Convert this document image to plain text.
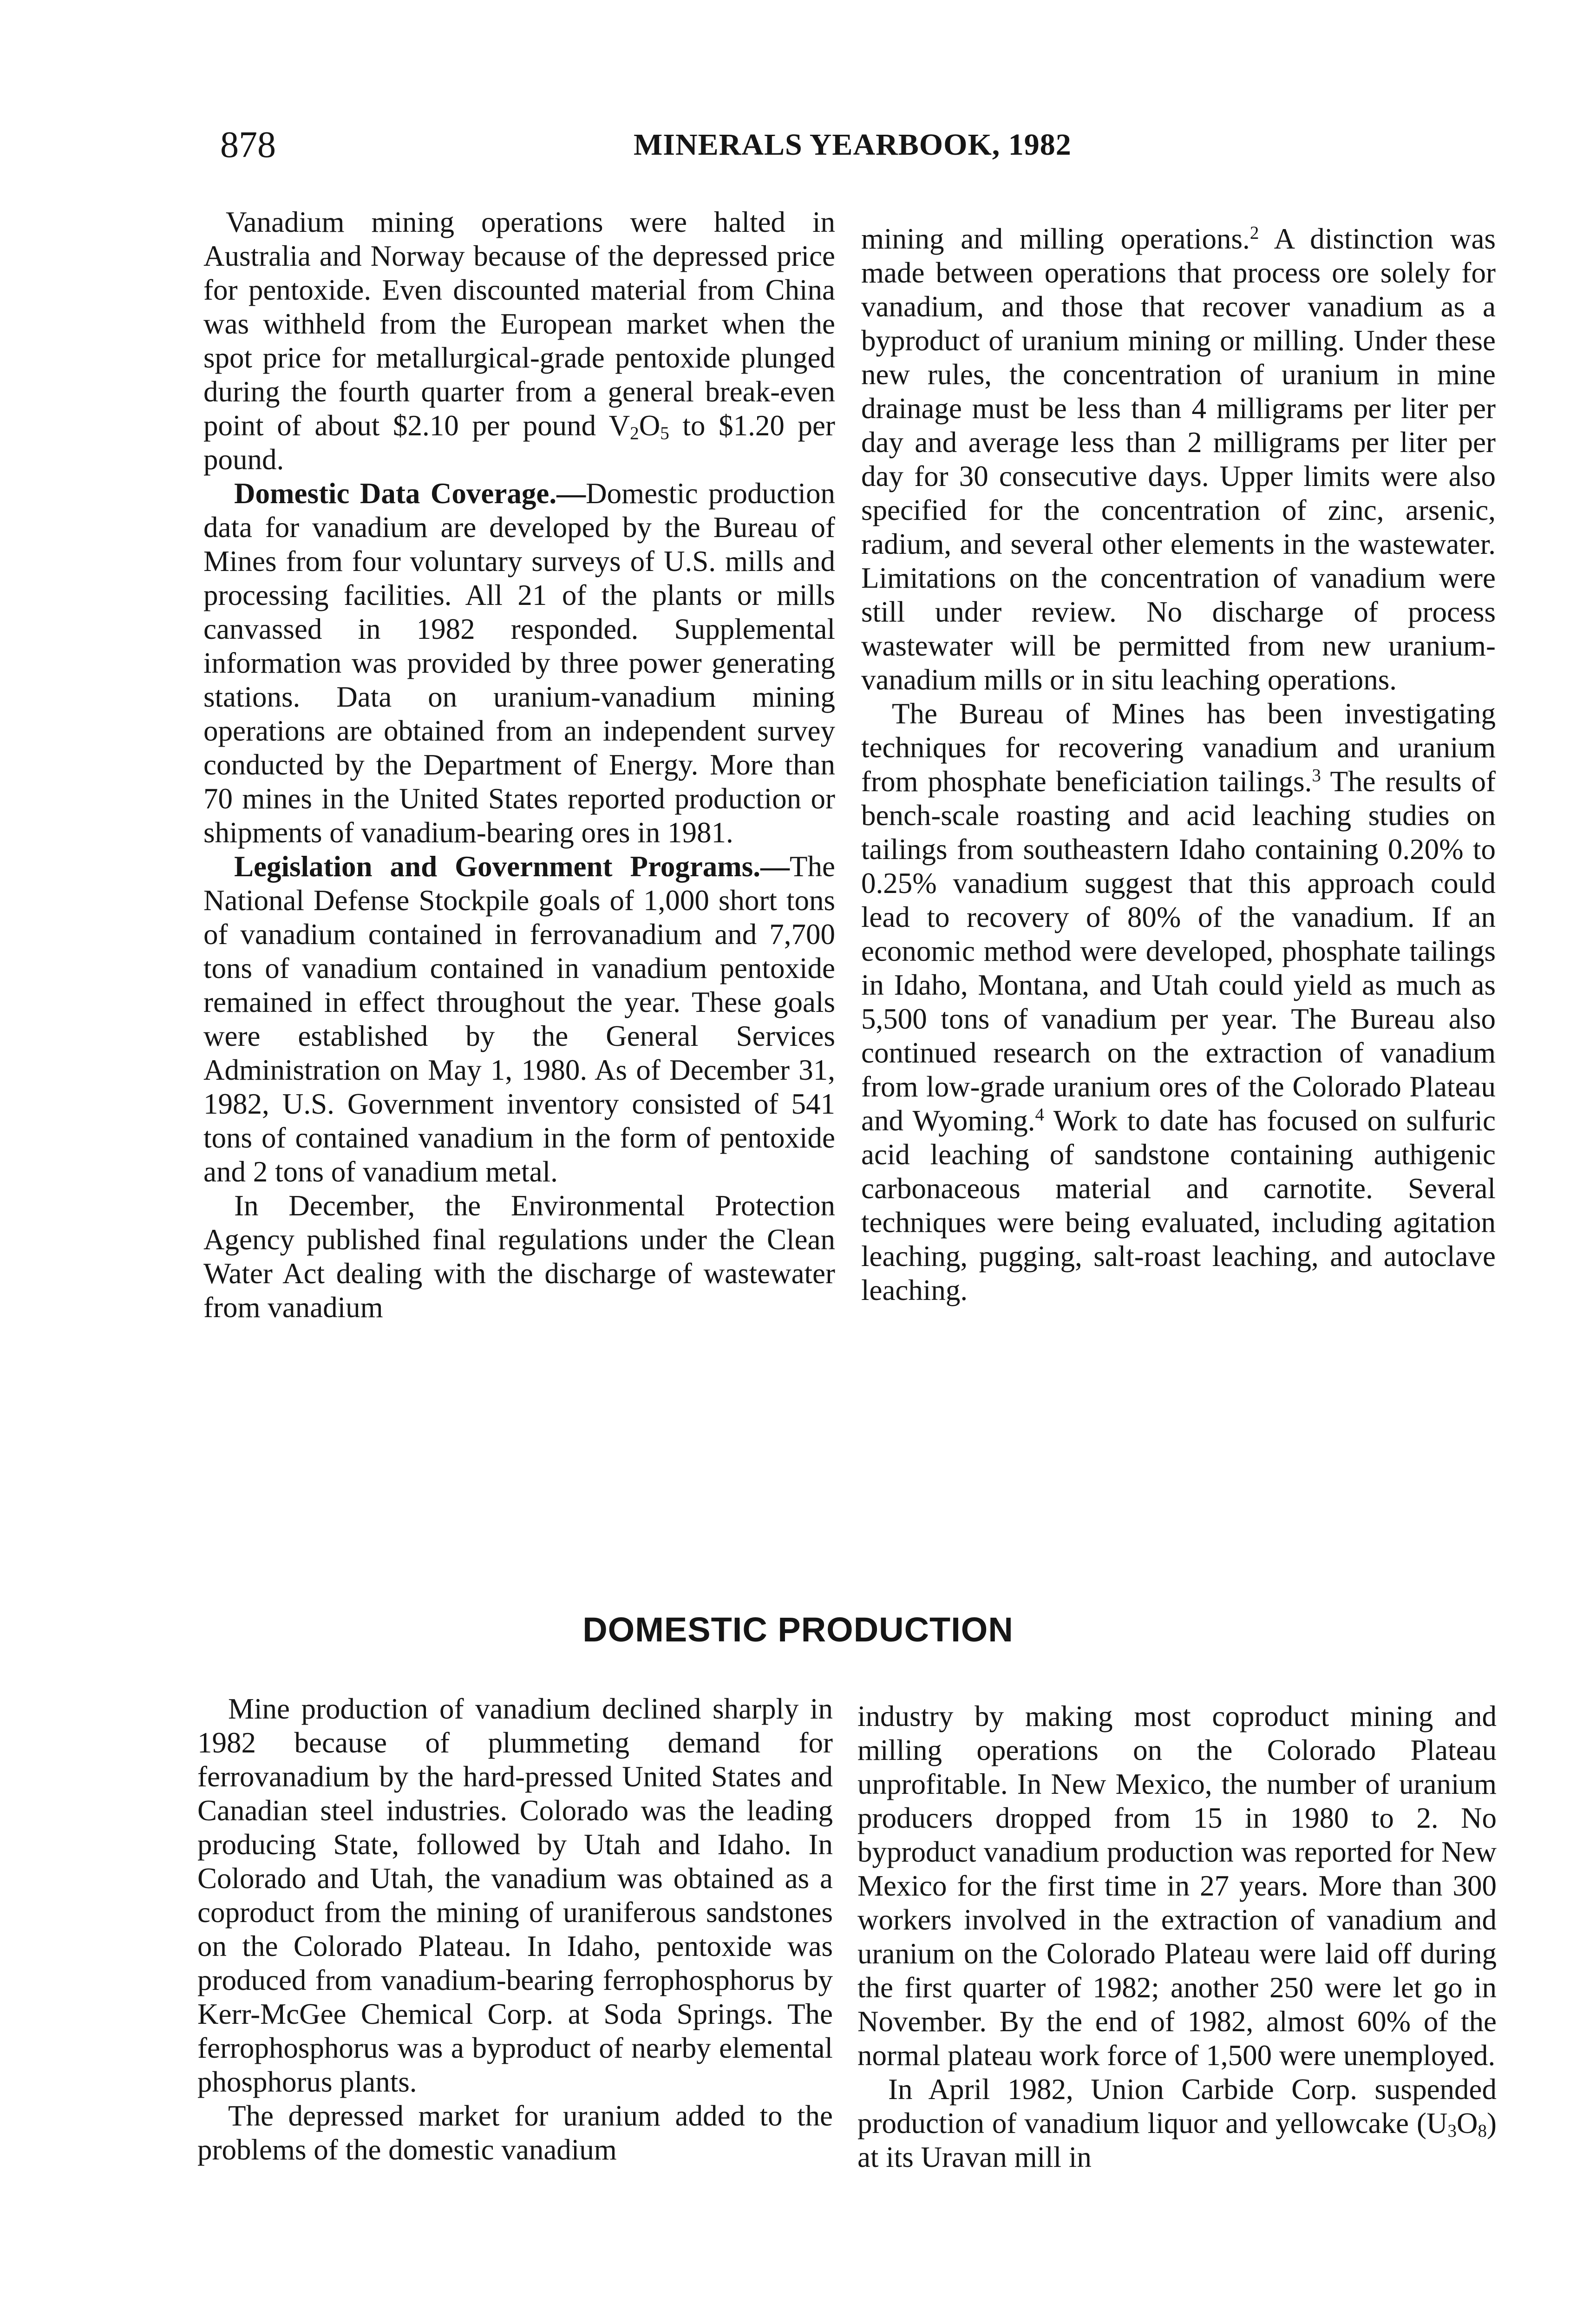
878	MINERALS YEARBOOK, 1982

Vanadium mining operations were halted in Australia and Norway because of the depressed price for pentoxide. Even discounted material from China was withheld from the European market when the spot price for metallurgical-grade pentoxide plunged during the fourth quarter from a general break-even point of about $2.10 per pound $V_2O_5$ to $1.20 per pound.

Domestic Data Coverage.—Domestic production data for vanadium are developed by the Bureau of Mines from four voluntary surveys of U.S. mills and processing facilities. All 21 of the plants or mills canvassed in 1982 responded. Supplemental information was provided by three power generating stations. Data on uranium-vanadium mining operations are obtained from an independent survey conducted by the Department of Energy. More than 70 mines in the United States reported production or shipments of vanadium-bearing ores in 1981.

Legislation and Government Programs.—The National Defense Stockpile goals of 1,000 short tons of vanadium contained in ferrovanadium and 7,700 tons of vanadium contained in vanadium pentoxide remained in effect throughout the year. These goals were established by the General Services Administration on May 1, 1980. As of December 31, 1982, U.S. Government inventory consisted of 541 tons of contained vanadium in the form of pentoxide and 2 tons of vanadium metal.

In December, the Environmental Protection Agency published final regulations under the Clean Water Act dealing with the discharge of wastewater from vanadium

mining and milling operations.$^2$ A distinction was made between operations that process ore solely for vanadium, and those that recover vanadium as a byproduct of uranium mining or milling. Under these new rules, the concentration of uranium in mine drainage must be less than 4 milligrams per liter per day and average less than 2 milligrams per liter per day for 30 consecutive days. Upper limits were also specified for the concentration of zinc, arsenic, radium, and several other elements in the wastewater. Limitations on the concentration of vanadium were still under review. No discharge of process wastewater will be permitted from new uranium-vanadium mills or in situ leaching operations.

The Bureau of Mines has been investigating techniques for recovering vanadium and uranium from phosphate beneficiation tailings.$^3$ The results of bench-scale roasting and acid leaching studies on tailings from southeastern Idaho containing 0.20% to 0.25% vanadium suggest that this approach could lead to recovery of 80% of the vanadium. If an economic method were developed, phosphate tailings in Idaho, Montana, and Utah could yield as much as 5,500 tons of vanadium per year. The Bureau also continued research on the extraction of vanadium from low-grade uranium ores of the Colorado Plateau and Wyoming.$^4$ Work to date has focused on sulfuric acid leaching of sandstone containing authigenic carbonaceous material and carnotite. Several techniques were being evaluated, including agitation leaching, pugging, salt-roast leaching, and autoclave leaching.

DOMESTIC PRODUCTION

Mine production of vanadium declined sharply in 1982 because of plummeting demand for ferrovanadium by the hard-pressed United States and Canadian steel industries. Colorado was the leading producing State, followed by Utah and Idaho. In Colorado and Utah, the vanadium was obtained as a coproduct from the mining of uraniferous sandstones on the Colorado Plateau. In Idaho, pentoxide was produced from vanadium-bearing ferrophosphorus by Kerr-McGee Chemical Corp. at Soda Springs. The ferrophosphorus was a byproduct of nearby elemental phosphorus plants.

The depressed market for uranium added to the problems of the domestic vanadium

industry by making most coproduct mining and milling operations on the Colorado Plateau unprofitable. In New Mexico, the number of uranium producers dropped from 15 in 1980 to 2. No byproduct vanadium production was reported for New Mexico for the first time in 27 years. More than 300 workers involved in the extraction of vanadium and uranium on the Colorado Plateau were laid off during the first quarter of 1982; another 250 were let go in November. By the end of 1982, almost 60% of the normal plateau work force of 1,500 were unemployed.

In April 1982, Union Carbide Corp. suspended production of vanadium liquor and yellowcake $(U_3O_8)$ at its Uravan mill in
